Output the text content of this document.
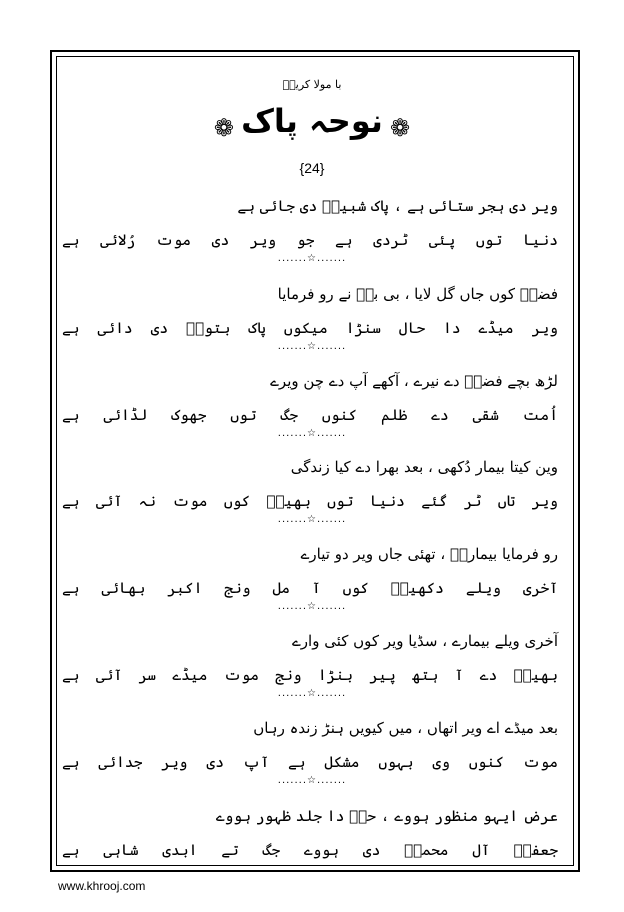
با مولا کریمؑ
❁ نوحہ پاک ❁
{24}
ویر دی ہجر ستائی ہے ، پاک شبیرؑ دی جائی ہے
دنیا توں پئی ٹردی ہے جو ویر دی موت رُلائی ہے
.......☆.......
فضہؑ کوں جاں گل لایا ، بی بیؑ نے رو فرمایا
ویر میڈے دا حال سنڑا میکوں پاک بتولؑ دی دائی ہے
.......☆.......
لڑھ بچے فضہؑ دے نیرے ، آکھے آپ دے چن ویرے
اُمت شقی دے ظلم کنوں جگ توں جھوک لڈائی ہے
.......☆.......
وین کیتا بیمار دُکھی ، بعد بھرا دے کیا زندگی
ویر تاں ٹر گئے دنیا توں بھینؑ کوں موت نہ آئی ہے
.......☆.......
رو فرمایا بیمارےؑ ، تھئی جاں ویر دو تیارے
آخری ویلے دکھیاؑ کوں آ مل ونج اکبر بھائی ہے
.......☆.......
آخری ویلے بیمارے ، سڈیا ویر کوں کئی وارے
بھینؑ دے آ ہتھ پیر بنڑا ونج موت میڈے سر آئی ہے
.......☆.......
بعد میڈے اے ویر اتھاں ، میں کیویں ہنڑ زندہ رہاں
موت کنوں وی بہوں مشکل ہے آپ دی ویر جدائی ہے
.......☆.......
عرض ایہو منظور ہووے ، حقؔ دا جلد ظہور ہووے
جعفرؔ آل محمدؐ دی ہووے جگ تے ابدی شاہی ہے
www.khrooj.com
